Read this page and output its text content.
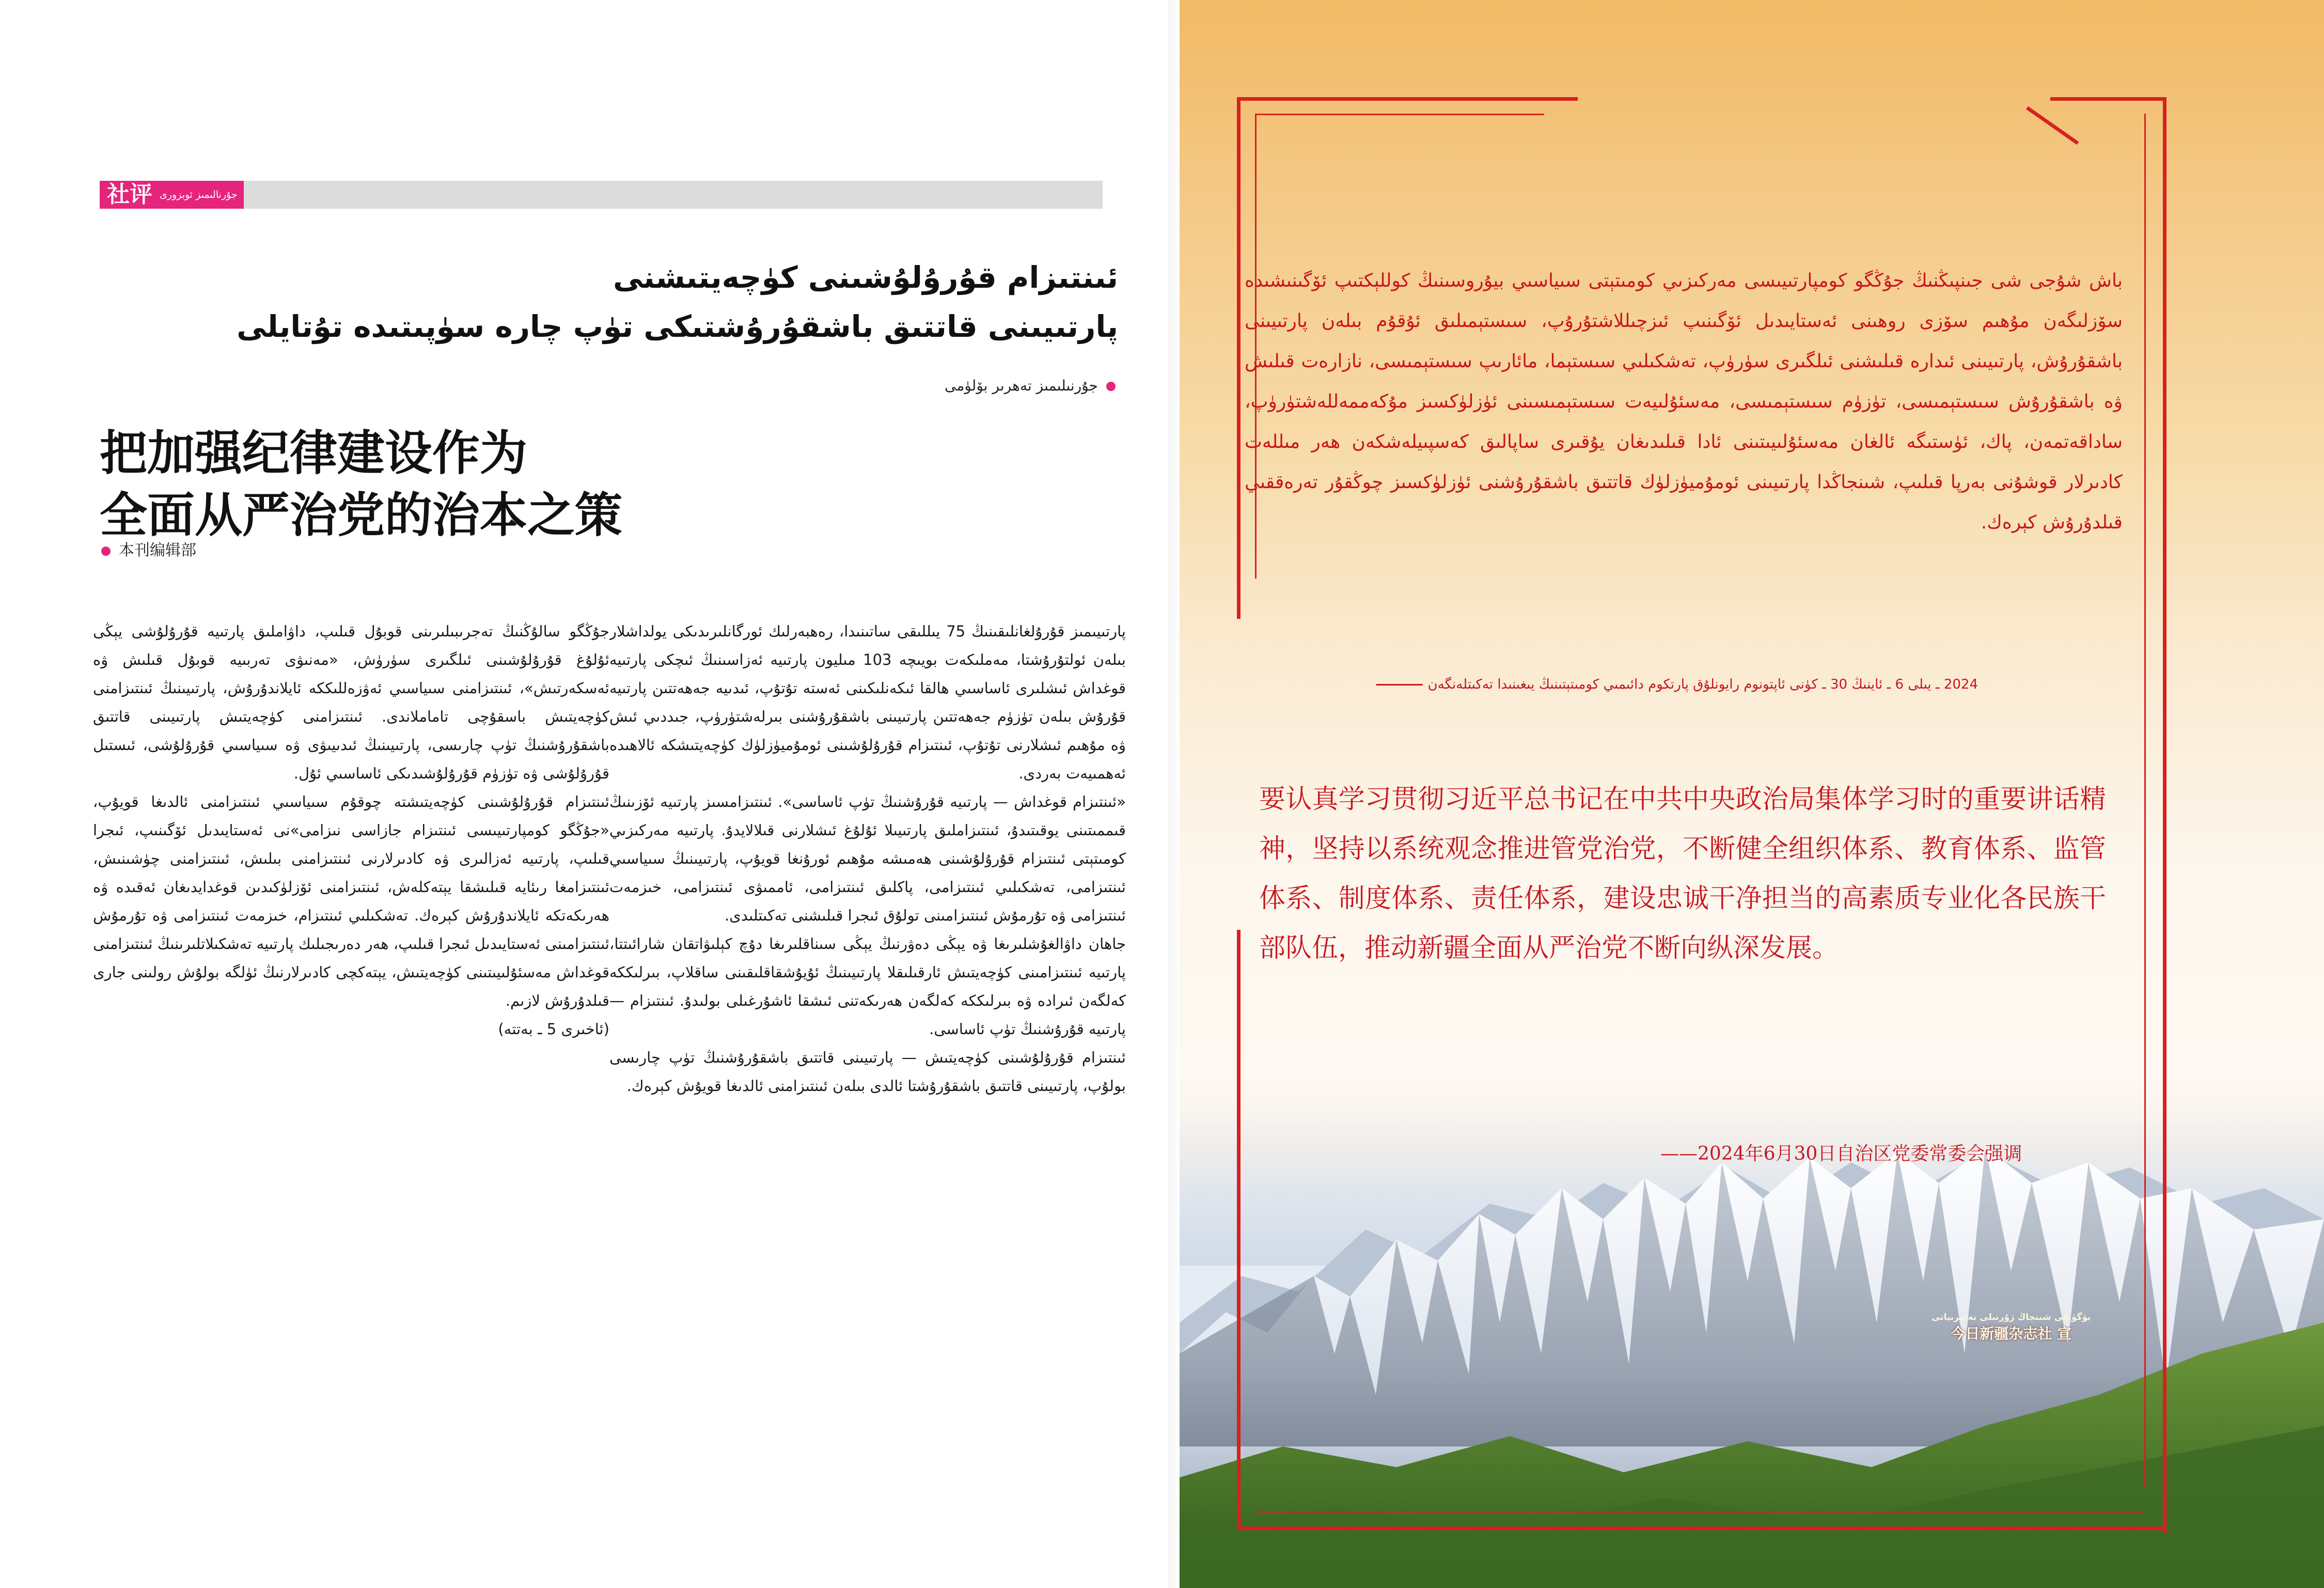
社评 جۇرنالىمىز ئوبزورى
ئىنتىزام قۇرۇلۇشىنى كۈچەيتىشنى
پارتىيىنى قاتتىق باشقۇرۇشتىكى تۈپ چارە سۈپىتىدە تۇتايلى
جۇرنىلىمىز تەھرىر بۆلۈمى
把加强纪律建设作为
全面从严治党的治本之策
本刊编辑部

پارتىيىمىز قۇرۇلغانلىقىنىڭ 75 يىللىقى ساتىنىدا، رەھبەرلىك ئورگانلىرىدىكى يولداشلار بىلەن ئولتۇرۇشتا، مەملىكەت بويىچە 103 مىليون پارتىيە ئەزاسىنىڭ ئىچكى پارتىيە قوغداش ئىشلىرى ئاساسىي ھالقا ئىكەنلىكىنى ئەستە تۇتۇپ، ئىدىيە جەھەتتىن پارتىيە قۇرۇش بىلەن تۈزۈم جەھەتتىن پارتىيىنى باشقۇرۇشنى بىرلەشتۈرۈپ، جىددىي ئىش ۋە مۇھىم ئىشلارنى تۇتۇپ، ئىنتىزام قۇرۇلۇشىنى ئومۇميۈزلۈك كۈچەيتىشكە ئالاھىدە ئەھمىيەت بەردى.

«ئىنتىزام قوغداش — پارتىيە قۇرۇشنىڭ تۈپ ئاساسى». ئىنتىزامسىز پارتىيە ئۆزىنىڭ قىممىتىنى يوقىتىدۇ، ئىنتىزاملىق پارتىيىلا ئۇلۇغ ئىشلارنى قىلالايدۇ. پارتىيە مەركىزىي كومىتېتى ئىنتىزام قۇرۇلۇشىنى ھەمىشە مۇھىم ئورۇنغا قويۇپ، پارتىيىنىڭ سىياسىي ئىنتىزامى، تەشكىلىي ئىنتىزامى، پاكلىق ئىنتىزامى، ئاممىۋى ئىنتىزامى، خىزمەت ئىنتىزامى ۋە تۇرمۇش ئىنتىزامىنى تولۇق ئىجرا قىلىشنى تەكىتلىدى.

جاھان داۋالغۇشلىرىغا ۋە يېڭى دەۋرنىڭ يېڭى سىناقلىرىغا دۇچ كېلىۋاتقان شارائىتتا، پارتىيە ئىنتىزامىنى كۈچەيتىش ئارقىلىقلا پارتىيىنىڭ ئۇيۇشقاقلىقىنى ساقلاپ، بىرلىككە كەلگەن ئىرادە ۋە بىرلىككە كەلگەن ھەرىكەتنى ئىشقا ئاشۇرغىلى بولىدۇ. ئىنتىزام — پارتىيە قۇرۇشنىڭ تۈپ ئاساسى.

ئىنتىزام قۇرۇلۇشىنى كۈچەيتىش — پارتىيىنى قاتتىق باشقۇرۇشنىڭ تۈپ چارىسى بولۇپ، پارتىيىنى قاتتىق باشقۇرۇشتا ئالدى بىلەن ئىنتىزامنى ئالدىغا قويۇش كېرەك.

جۇڭگو سالۇڭنىڭ تەجرىبىلىرىنى قوبۇل قىلىپ، داۋاملىق پارتىيە قۇرۇلۇشى يېڭى ئۇلۇغ قۇرۇلۇشىنى ئىلگىرى سۈرۈش، «مەنىۋى تەربىيە قوبۇل قىلىش ۋە ئەسكەرتىش»، ئىنتىزامنى سىياسىي ئەۋزەللىككە ئايلاندۇرۇش، پارتىيىنىڭ ئىنتىزامنى كۈچەيتىش باسقۇچى تاماملاندى. ئىنتىزامنى كۈچەيتىش پارتىيىنى قاتتىق باشقۇرۇشنىڭ تۈپ چارىسى، پارتىيىنىڭ ئىدىيىۋى ۋە سىياسىي قۇرۇلۇشى، ئىستىل قۇرۇلۇشى ۋە تۈزۈم قۇرۇلۇشىدىكى ئاساسىي ئۇل.

ئىنتىزام قۇرۇلۇشىنى كۈچەيتىشتە چوقۇم سىياسىي ئىنتىزامنى ئالدىغا قويۇپ، «جۇڭگو كومپارتىيىسى ئىنتىزام جازاسى نىزامى»نى ئەستايىدىل ئۆگىنىپ، ئىجرا قىلىپ، پارتىيە ئەزالىرى ۋە كادىرلارنى ئىنتىزامنى بىلىش، ئىنتىزامنى چۈشىنىش، ئىنتىزامغا رىئايە قىلىشقا يېتەكلەش، ئىنتىزامنى ئۆزلۈكىدىن قوغدايدىغان ئەقىدە ۋە ھەرىكەتكە ئايلاندۇرۇش كېرەك. تەشكىلىي ئىنتىزام، خىزمەت ئىنتىزامى ۋە تۇرمۇش ئىنتىزامىنى ئەستايىدىل ئىجرا قىلىپ، ھەر دەرىجىلىك پارتىيە تەشكىلاتلىرىنىڭ ئىنتىزامنى قوغداش مەسئۇلىيىتىنى كۈچەيتىش، يېتەكچى كادىرلارنىڭ ئۈلگە بولۇش رولىنى جارى قىلدۇرۇش لازىم.

(ئاخىرى 5 ـ بەتتە)

باش شۇجى شى جىنپىڭنىڭ جۇڭگو كومپارتىيىسى مەركىزىي كومىتېتى سىياسىي بيۇروسىنىڭ كوللېكتىپ ئۆگىنىشىدە سۆزلىگەن مۇھىم سۆزى روھىنى ئەستايىدىل ئۆگىنىپ ئىزچىللاشتۇرۇپ، سىستېمىلىق ئۇقۇم بىلەن پارتىيىنى باشقۇرۇش، پارتىيىنى ئىدارە قىلىشنى ئىلگىرى سۈرۈپ، تەشكىلىي سىستېما، مائارىپ سىستېمىسى، نازارەت قىلىش ۋە باشقۇرۇش سىستېمىسى، تۈزۈم سىستېمىسى، مەسئۇلىيەت سىستېمىسىنى ئۈزلۈكسىز مۇكەممەللەشتۈرۈپ، ساداقەتمەن، پاك، ئۈستىگە ئالغان مەسئۇلىيىتىنى ئادا قىلىدىغان يۇقىرى ساپالىق كەسپىيلەشكەن ھەر مىللەت كادىرلار قوشۇنى بەرپا قىلىپ، شىنجاڭدا پارتىيىنى ئومۇميۈزلۈك قاتتىق باشقۇرۇشنى ئۈزلۈكسىز چوڭقۇر تەرەققىي قىلدۇرۇش كېرەك.
2024 ـ يىلى 6 ـ ئاينىڭ 30 ـ كۈنى ئاپتونوم رايونلۇق پارتكوم دائىمىي كومىتېتىنىڭ يىغىنىدا تەكىتلەنگەن
要认真学习贯彻习近平总书记在中共中央政治局集体学习时的重要讲话精神，坚持以系统观念推进管党治党，不断健全组织体系、教育体系、监管体系、制度体系、责任体系，建设忠诚干净担当的高素质专业化各民族干部队伍，推动新疆全面从严治党不断向纵深发展。
——2024年6月30日自治区党委常委会强调
بۈگۈنكى شىنجاڭ ژۇرنىلى نەشرىياتى
今日新疆杂志社 宣
